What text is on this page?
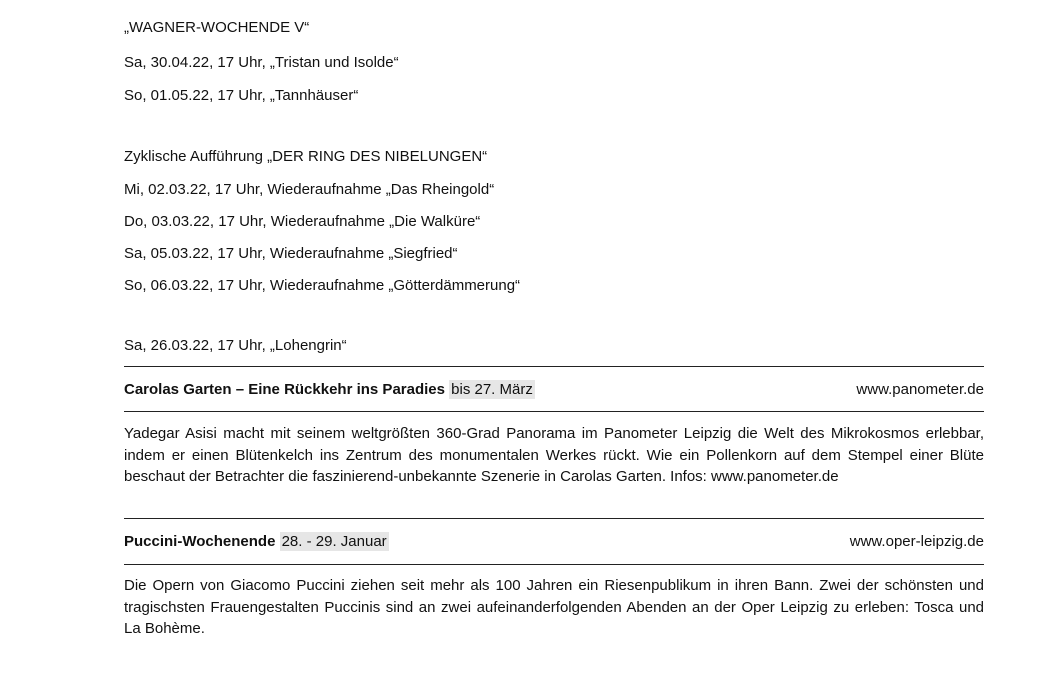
„WAGNER-WOCHENDE V“
Sa, 30.04.22, 17 Uhr, „Tristan und Isolde“
So, 01.05.22, 17 Uhr, „Tannhäuser“
Zyklische Aufführung „DER RING DES NIBELUNGEN“
Mi, 02.03.22, 17 Uhr, Wiederaufnahme „Das Rheingold“
Do, 03.03.22, 17 Uhr, Wiederaufnahme „Die Walküre“
Sa, 05.03.22, 17 Uhr, Wiederaufnahme „Siegfried“
So, 06.03.22, 17 Uhr, Wiederaufnahme „Götterdämmerung“
Sa, 26.03.22, 17 Uhr, „Lohengrin“
Carolas Garten – Eine Rückkehr ins Paradies bis 27. März	www.panometer.de
Yadegar Asisi macht mit seinem weltgrößten 360-Grad Panorama im Panometer Leipzig die Welt des Mikrokosmos erlebbar, indem er einen Blütenkelch ins Zentrum des monumentalen Werkes rückt. Wie ein Pollenkorn auf dem Stempel einer Blüte beschaut der Betrachter die faszinierend-unbekannte Szenerie in Carolas Garten. Infos: www.panometer.de
Puccini-Wochenende 28. - 29. Januar	www.oper-leipzig.de
Die Opern von Giacomo Puccini ziehen seit mehr als 100 Jahren ein Riesenpublikum in ihren Bann. Zwei der schönsten und tragischsten Frauengestalten Puccinis sind an zwei aufeinanderfolgenden Abenden an der Oper Leipzig zu erleben: Tosca und La Bohème.
